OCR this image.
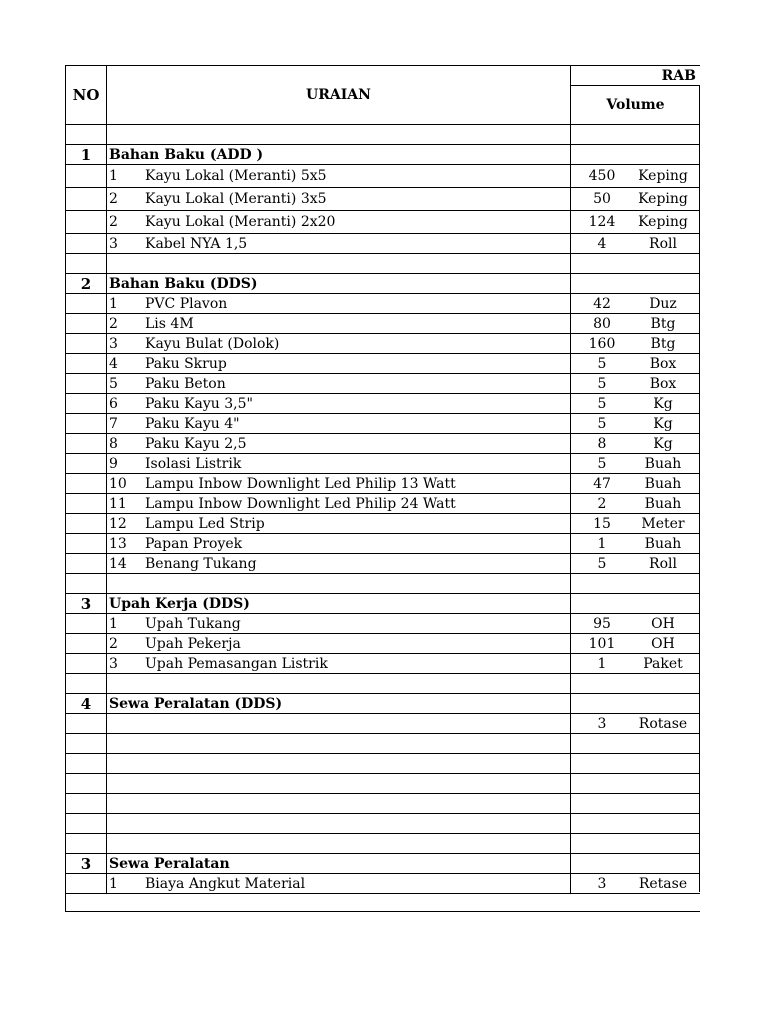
NO	URAIAN	RAB
		Volume

1	Bahan Baku (ADD )	
	1 Kayu Lokal (Meranti) 5x5	450 Keping
	2 Kayu Lokal (Meranti) 3x5	50 Keping
	2 Kayu Lokal (Meranti) 2x20	124 Keping
	3 Kabel NYA 1,5	4 Roll

2	Bahan Baku (DDS)	
	1 PVC Plavon	42 Duz
	2 Lis 4M	80 Btg
	3 Kayu Bulat (Dolok)	160 Btg
	4 Paku Skrup	5 Box
	5 Paku Beton	5 Box
	6 Paku Kayu 3,5"	5 Kg
	7 Paku Kayu 4"	5 Kg
	8 Paku Kayu 2,5	8 Kg
	9 Isolasi Listrik	5 Buah
	10 Lampu Inbow Downlight Led Philip 13 Watt	47 Buah
	11 Lampu Inbow Downlight Led Philip 24 Watt	2 Buah
	12 Lampu Led Strip	15 Meter
	13 Papan Proyek	1 Buah
	14 Benang Tukang	5 Roll

3	Upah Kerja (DDS)	
	1 Upah Tukang	95 OH
	2 Upah Pekerja	101 OH
	3 Upah Pemasangan Listrik	1 Paket

4	Sewa Peralatan (DDS)	
		3 Rotase

3	Sewa Peralatan	
	1 Biaya Angkut Material	3 Retase
